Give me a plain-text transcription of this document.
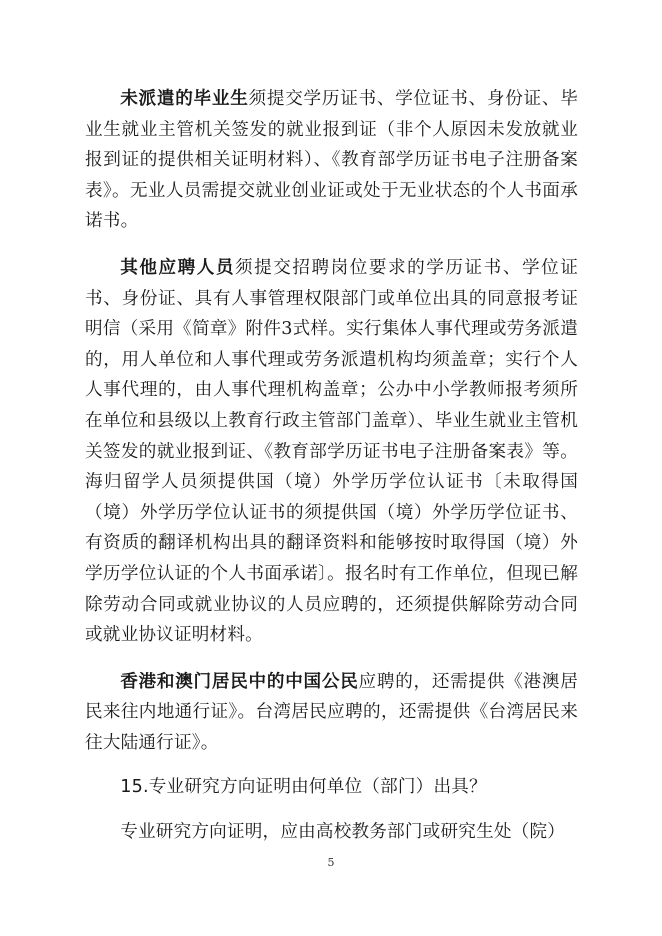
未派遣的毕业生须提交学历证书、学位证书、身份证、毕业生就业主管机关签发的就业报到证（非个人原因未发放就业报到证的提供相关证明材料）、《教育部学历证书电子注册备案表》。无业人员需提交就业创业证或处于无业状态的个人书面承诺书。

其他应聘人员须提交招聘岗位要求的学历证书、学位证书、身份证、具有人事管理权限部门或单位出具的同意报考证明信（采用《简章》附件3式样。实行集体人事代理或劳务派遣的，用人单位和人事代理或劳务派遣机构均须盖章；实行个人人事代理的，由人事代理机构盖章；公办中小学教师报考须所在单位和县级以上教育行政主管部门盖章）、毕业生就业主管机关签发的就业报到证、《教育部学历证书电子注册备案表》等。海归留学人员须提供国（境）外学历学位认证书〔未取得国（境）外学历学位认证书的须提供国（境）外学历学位证书、有资质的翻译机构出具的翻译资料和能够按时取得国（境）外学历学位认证的个人书面承诺〕。报名时有工作单位，但现已解除劳动合同或就业协议的人员应聘的，还须提供解除劳动合同或就业协议证明材料。

香港和澳门居民中的中国公民应聘的，还需提供《港澳居民来往内地通行证》。台湾居民应聘的，还需提供《台湾居民来往大陆通行证》。

15.专业研究方向证明由何单位（部门）出具？

专业研究方向证明，应由高校教务部门或研究生处（院）

5
